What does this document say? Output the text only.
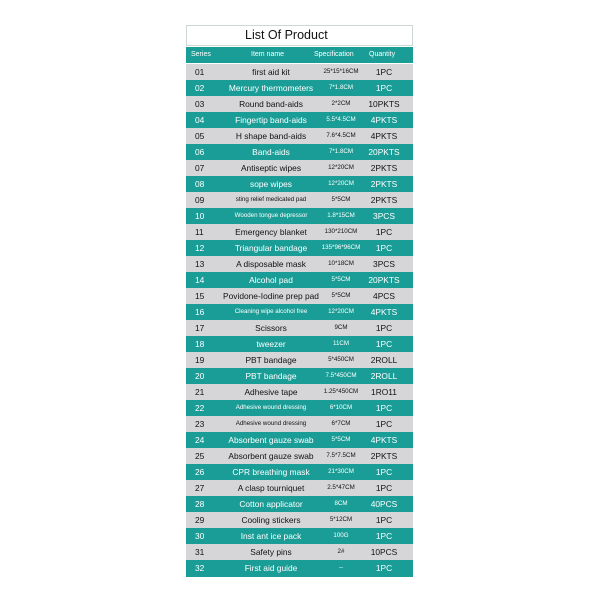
List Of Product
Series	Item name	Specification Quantity
01	first aid kit	25*15*16CM	1PC
02	Mercury thermometers	7*1.8CM	1PC
03	Round band-aids	2*2CM	10PKTS
04	Fingertip band-aids	5.5*4.5CM	4PKTS
05	H shape band-aids	7.6*4.5CM	4PKTS
06	Band-aids	7*1.8CM	20PKTS
07	Antiseptic wipes	12*20CM	2PKTS
08	sope wipes	12*20CM	2PKTS
09	sting relief medicated pad	5*5CM	2PKTS
10	Wooden tongue depressor	1.8*15CM	3PCS
11	Emergency blanket	130*210CM	1PC
12	Triangular bandage	135*96*96CM	1PC
13	A disposable mask	10*18CM	3PCS
14	Alcohol pad	5*5CM	20PKTS
15	Povidone-Iodine prep pad	5*5CM	4PCS
16	Cleaning wipe alcohol free	12*20CM	4PKTS
17	Scissors	9CM	1PC
18	tweezer	11CM	1PC
19	PBT bandage	5*450CM	2ROLL
20	PBT bandage	7.5*450CM	2ROLL
21	Adhesive tape	1.25*450CM	1RO11
22	Adhesive wound dressing	6*10CM	1PC
23	Adhesive wound dressing	6*7CM	1PC
24	Absorbent gauze swab	5*5CM	4PKTS
25	Absorbent gauze swab	7.5*7.5CM	2PKTS
26	CPR breathing mask	21*30CM	1PC
27	A clasp tourniquet	2.5*47CM	1PC
28	Cotton applicator	8CM	40PCS
29	Cooling stickers	5*12CM	1PC
30	Inst ant ice pack	100G	1PC
31	Safety pins	2#	10PCS
32	First aid guide	--	1PC
